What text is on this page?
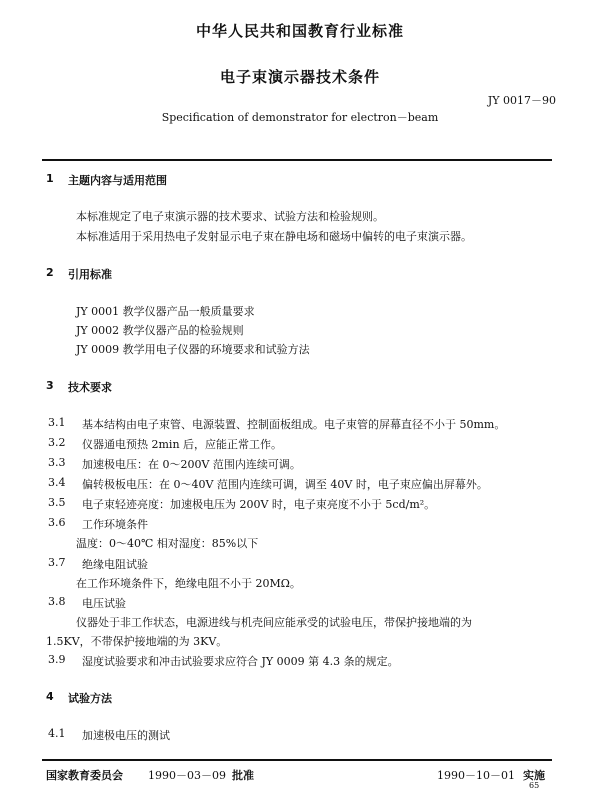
中华人民共和国教育行业标准
电子束演示器技术条件
JY 0017－90
Specification of demonstrator for electron－beam
1 主题内容与适用范围
本标准规定了电子束演示器的技术要求、试验方法和检验规则。
本标准适用于采用热电子发射显示电子束在静电场和磁场中偏转的电子束演示器。
2 引用标准
JY 0001 教学仪器产品一般质量要求
JY 0002 教学仪器产品的检验规则
JY 0009 教学用电子仪器的环境要求和试验方法
3 技术要求
3.1 基本结构由电子束管、电源装置、控制面板组成。电子束管的屏幕直径不小于 50mm。
3.2 仪器通电预热 2min 后，应能正常工作。
3.3 加速极电压：在 0～200V 范围内连续可调。
3.4 偏转极板电压：在 0～40V 范围内连续可调，调至 40V 时，电子束应偏出屏幕外。
3.5 电子束轻迹亮度：加速极电压为 200V 时，电子束亮度不小于 5cd/m²。
3.6 工作环境条件
温度：0～40℃ 相对湿度：85%以下
3.7 绝缘电阻试验
在工作环境条件下，绝缘电阻不小于 20MΩ。
3.8 电压试验
仪器处于非工作状态，电源进线与机壳间应能承受的试验电压，带保护接地端的为
1.5KV，不带保护接地端的为 3KV。
3.9 湿度试验要求和冲击试验要求应符合 JY 0009 第 4.3 条的规定。
4 试验方法
4.1 加速极电压的测试
国家教育委员会 1990－03－09 批准	1990－10－01 实施
65
